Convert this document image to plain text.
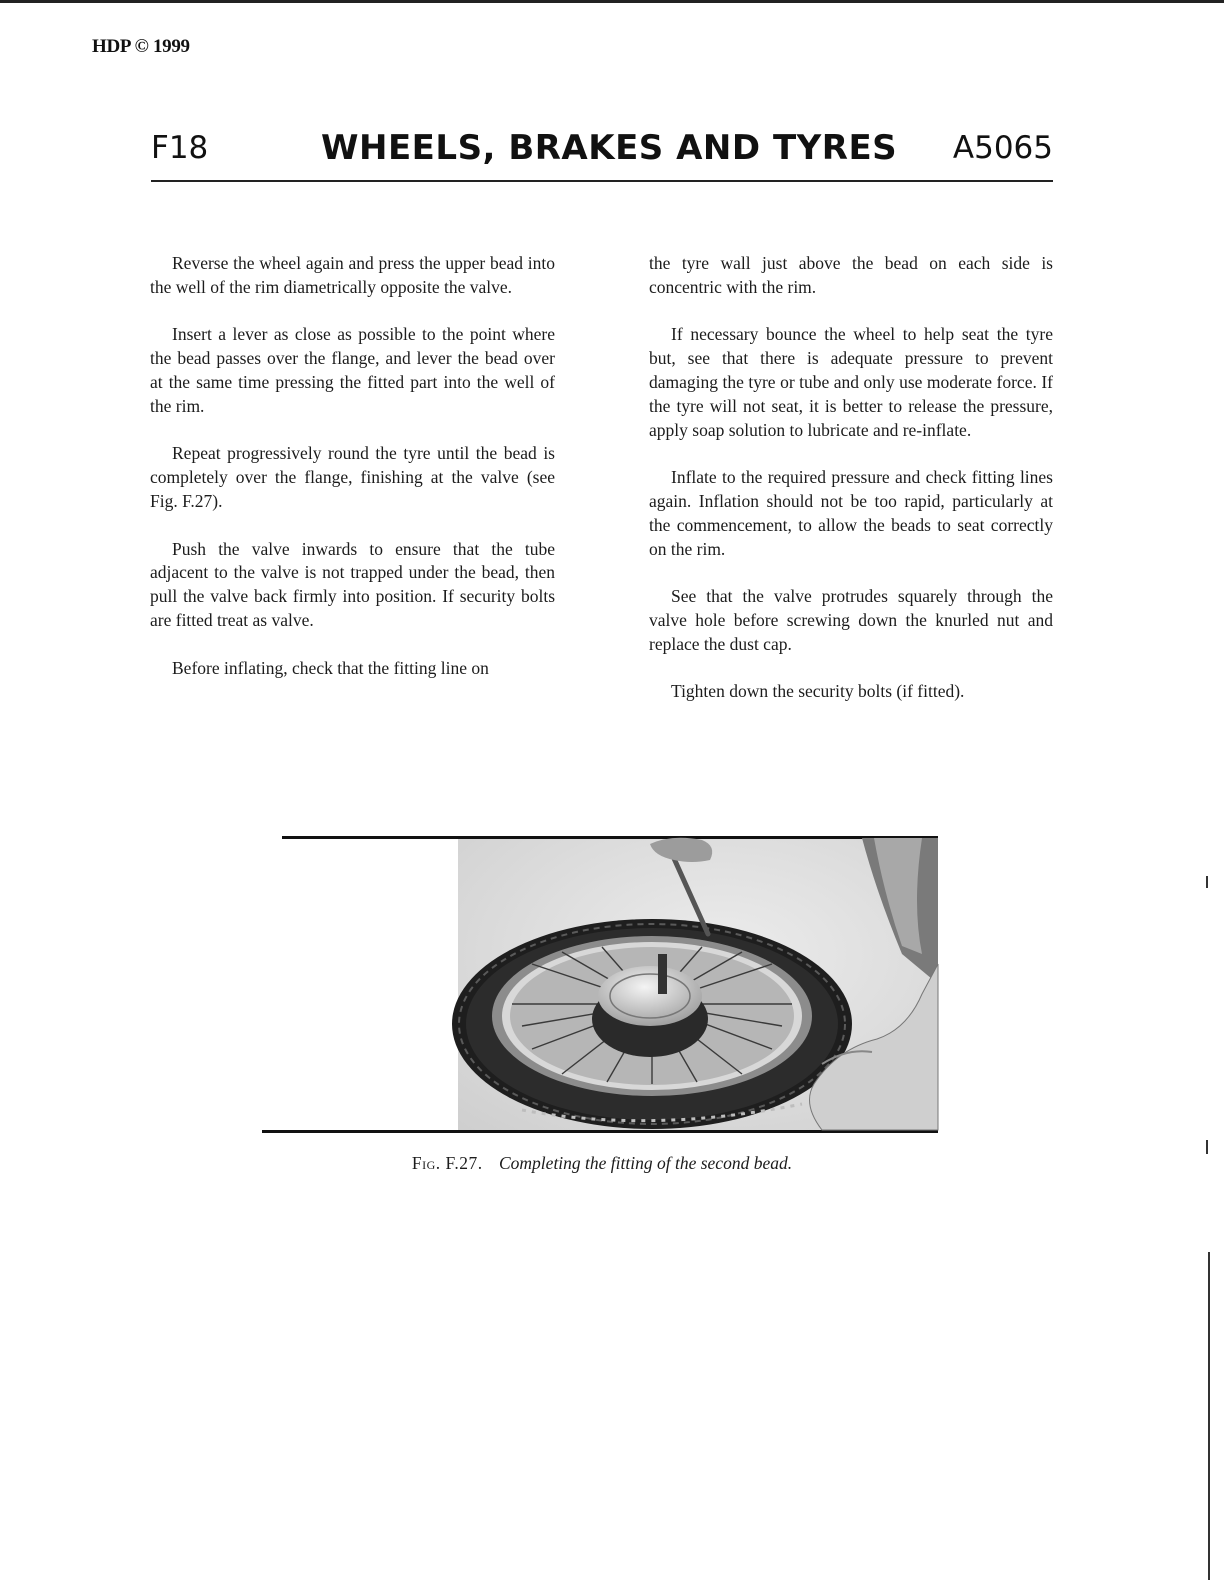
HDP © 1999
F18	WHEELS, BRAKES AND TYRES A5065

Reverse the wheel again and press the upper bead into the well of the rim diametrically opposite the valve.

Insert a lever as close as possible to the point where the bead passes over the flange, and lever the bead over at the same time pressing the fitted part into the well of the rim.

Repeat progressively round the tyre until the bead is completely over the flange, finishing at the valve (see Fig. F.27).

Push the valve inwards to ensure that the tube adjacent to the valve is not trapped under the bead, then pull the valve back firmly into position. If security bolts are fitted treat as valve.

Before inflating, check that the fitting line on

the tyre wall just above the bead on each side is concentric with the rim.

If necessary bounce the wheel to help seat the tyre but, see that there is adequate pressure to prevent damaging the tyre or tube and only use moderate force. If the tyre will not seat, it is better to release the pressure, apply soap solution to lubricate and re-inflate.

Inflate to the required pressure and check fitting lines again. Inflation should not be too rapid, particularly at the commencement, to allow the beads to seat correctly on the rim.

See that the valve protrudes squarely through the valve hole before screwing down the knurled nut and replace the dust cap.

Tighten down the security bolts (if fitted).

Fig. F.27. Completing the fitting of the second bead.
